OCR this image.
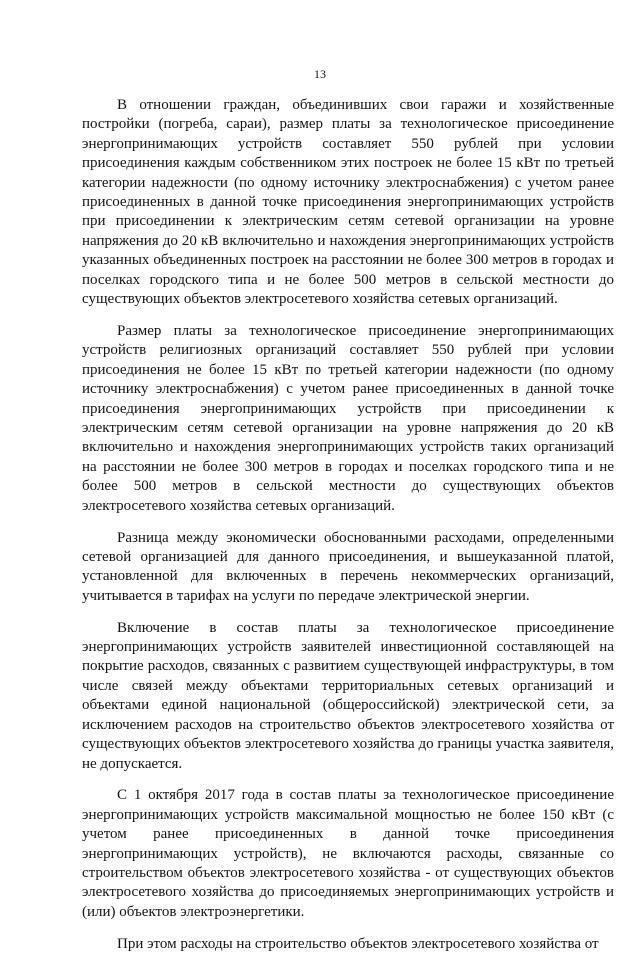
13

В отношении граждан, объединивших свои гаражи и хозяйственные постройки (погреба, сараи), размер платы за технологическое присоединение энергопринимающих устройств составляет 550 рублей при условии присоединения каждым собственником этих построек не более 15 кВт по третьей категории надежности (по одному источнику электроснабжения) с учетом ранее присоединенных в данной точке присоединения энергопринимающих устройств при присоединении к электрическим сетям сетевой организации на уровне напряжения до 20 кВ включительно и нахождения энергопринимающих устройств указанных объединенных построек на расстоянии не более 300 метров в городах и поселках городского типа и не более 500 метров в сельской местности до существующих объектов электросетевого хозяйства сетевых организаций.

Размер платы за технологическое присоединение энергопринимающих устройств религиозных организаций составляет 550 рублей при условии присоединения не более 15 кВт по третьей категории надежности (по одному источнику электроснабжения) с учетом ранее присоединенных в данной точке присоединения энергопринимающих устройств при присоединении к электрическим сетям сетевой организации на уровне напряжения до 20 кВ включительно и нахождения энергопринимающих устройств таких организаций на расстоянии не более 300 метров в городах и поселках городского типа и не более 500 метров в сельской местности до существующих объектов электросетевого хозяйства сетевых организаций.

Разница между экономически обоснованными расходами, определенными сетевой организацией для данного присоединения, и вышеуказанной платой, установленной для включенных в перечень некоммерческих организаций, учитывается в тарифах на услуги по передаче электрической энергии.

Включение в состав платы за технологическое присоединение энергопринимающих устройств заявителей инвестиционной составляющей на покрытие расходов, связанных с развитием существующей инфраструктуры, в том числе связей между объектами территориальных сетевых организаций и объектами единой национальной (общероссийской) электрической сети, за исключением расходов на строительство объектов электросетевого хозяйства от существующих объектов электросетевого хозяйства до границы участка заявителя, не допускается.

С 1 октября 2017 года в состав платы за технологическое присоединение энергопринимающих устройств максимальной мощностью не более 150 кВт (с учетом ранее присоединенных в данной точке присоединения энергопринимающих устройств), не включаются расходы, связанные со строительством объектов электросетевого хозяйства - от существующих объектов электросетевого хозяйства до присоединяемых энергопринимающих устройств и (или) объектов электроэнергетики.

При этом расходы на строительство объектов электросетевого хозяйства от
